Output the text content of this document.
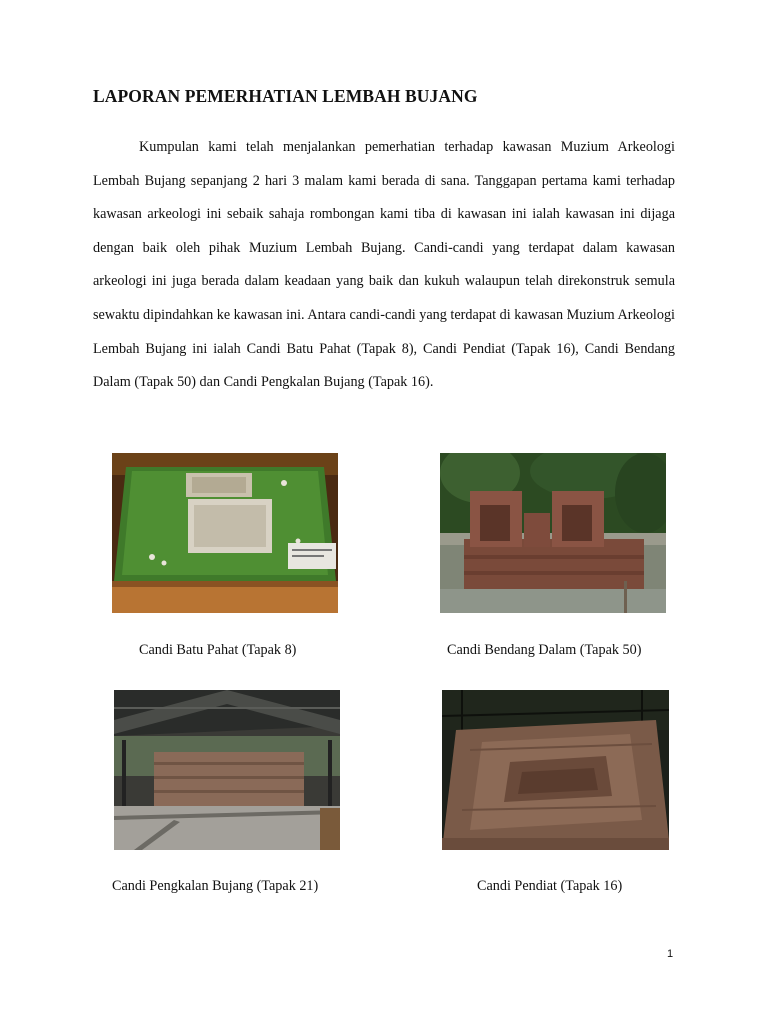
LAPORAN PEMERHATIAN LEMBAH BUJANG

Kumpulan kami telah menjalankan pemerhatian terhadap kawasan Muzium Arkeologi Lembah Bujang sepanjang 2 hari 3 malam kami berada di sana. Tanggapan pertama kami terhadap kawasan arkeologi ini sebaik sahaja rombongan kami tiba di kawasan ini ialah kawasan ini dijaga dengan baik oleh pihak Muzium Lembah Bujang. Candi-candi yang terdapat dalam kawasan arkeologi ini juga berada dalam keadaan yang baik dan kukuh walaupun telah direkonstruk semula sewaktu dipindahkan ke kawasan ini. Antara candi-candi yang terdapat di kawasan Muzium Arkeologi Lembah Bujang ini ialah Candi Batu Pahat (Tapak 8), Candi Pendiat (Tapak 16), Candi Bendang Dalam (Tapak 50) dan Candi Pengkalan Bujang (Tapak 16).

Candi Batu Pahat (Tapak 8)	Candi Bendang Dalam (Tapak 50)
Candi Pengkalan Bujang (Tapak 21)	Candi Pendiat (Tapak 16)
1
